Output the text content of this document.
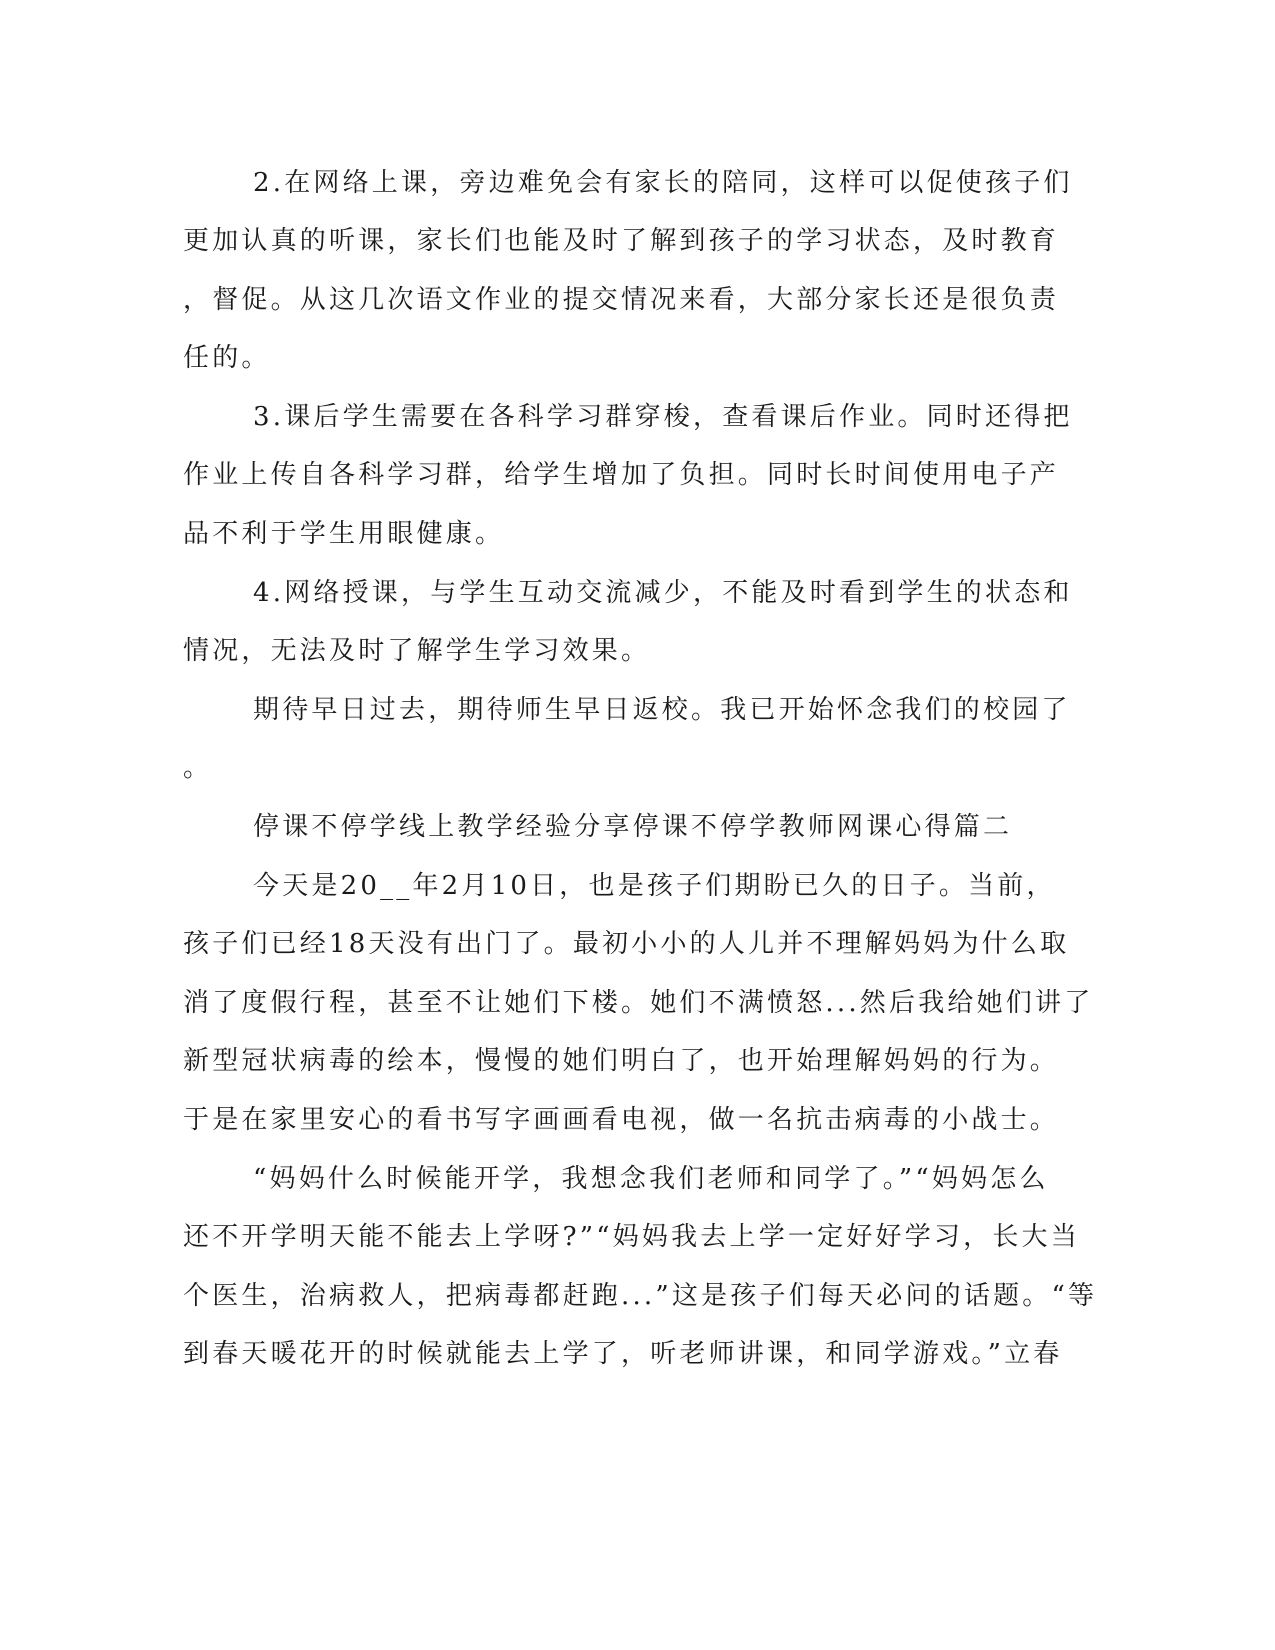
2.在网络上课，旁边难免会有家长的陪同，这样可以促使孩子们
更加认真的听课，家长们也能及时了解到孩子的学习状态，及时教育
，督促。从这几次语文作业的提交情况来看，大部分家长还是很负责
任的。
3.课后学生需要在各科学习群穿梭，查看课后作业。同时还得把
作业上传自各科学习群，给学生增加了负担。同时长时间使用电子产
品不利于学生用眼健康。
4.网络授课，与学生互动交流减少，不能及时看到学生的状态和
情况，无法及时了解学生学习效果。
期待早日过去，期待师生早日返校。我已开始怀念我们的校园了
。
停课不停学线上教学经验分享停课不停学教师网课心得篇二
今天是20__年2月10日，也是孩子们期盼已久的日子。当前，
孩子们已经18天没有出门了。最初小小的人儿并不理解妈妈为什么取
消了度假行程，甚至不让她们下楼。她们不满愤怒...然后我给她们讲了
新型冠状病毒的绘本，慢慢的她们明白了，也开始理解妈妈的行为。
于是在家里安心的看书写字画画看电视，做一名抗击病毒的小战士。
“妈妈什么时候能开学，我想念我们老师和同学了。”“妈妈怎么
还不开学明天能不能去上学呀?”“妈妈我去上学一定好好学习，长大当
个医生，治病救人，把病毒都赶跑...”这是孩子们每天必问的话题。“等
到春天暖花开的时候就能去上学了，听老师讲课，和同学游戏。”立春
